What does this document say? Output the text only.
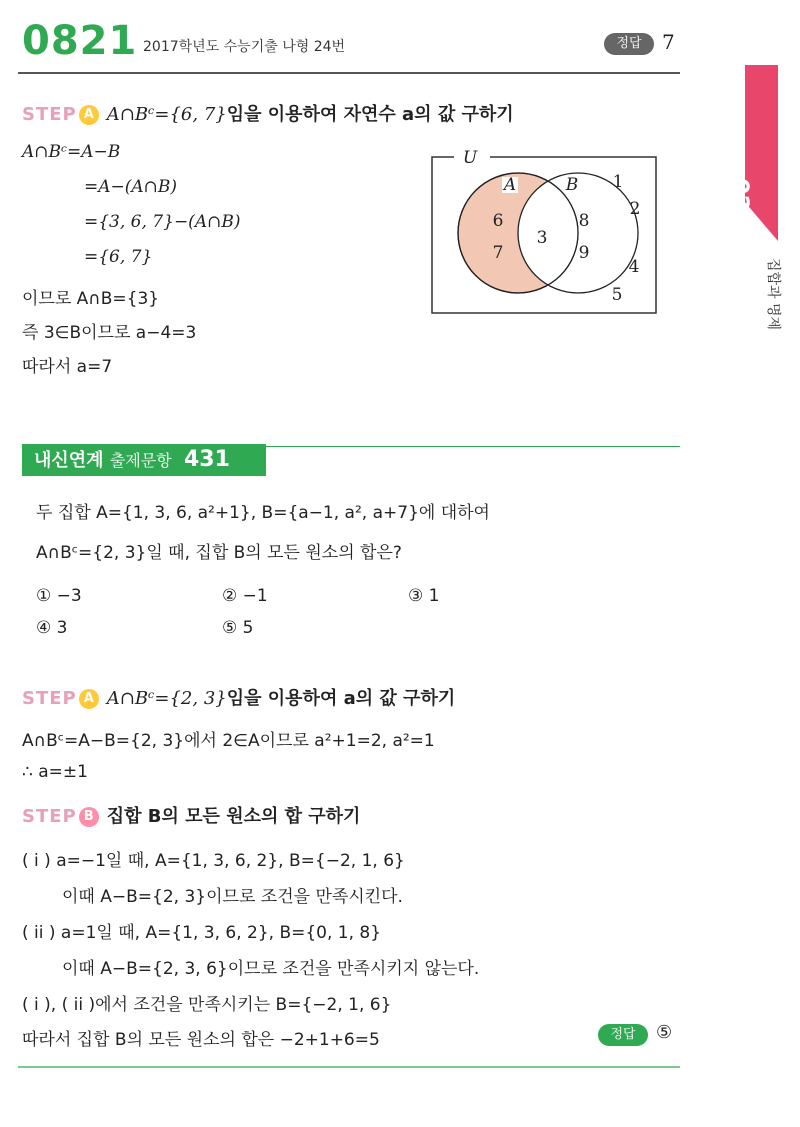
0821 2017학년도 수능기출 나형 24번	정답	7
02
집합과 명제
STEP A A∩Bᶜ={6, 7}임을 이용하여 자연수 a의 값 구하기
A∩Bᶜ=A−B
=A−(A∩B)
={3, 6, 7}−(A∩B)
={6, 7}
이므로 A∩B={3}
즉 3∈B이므로 a−4=3
따라서 a=7
U
A	B
6
7
3
8
9
1
2
4
5
내신연계 출제문항 431
두 집합 A={1, 3, 6, a²+1}, B={a−1, a², a+7}에 대하여
A∩Bᶜ={2, 3}일 때, 집합 B의 모든 원소의 합은?
① −3	② −1	③ 1
④ 3	⑤ 5
STEP A A∩Bᶜ={2, 3}임을 이용하여 a의 값 구하기
A∩Bᶜ=A−B={2, 3}에서 2∈A이므로 a²+1=2, a²=1
∴ a=±1
STEP B 집합 B의 모든 원소의 합 구하기
( i ) a=−1일 때, A={1, 3, 6, 2}, B={−2, 1, 6}
이때 A−B={2, 3}이므로 조건을 만족시킨다.
( ii ) a=1일 때, A={1, 3, 6, 2}, B={0, 1, 8}
이때 A−B={2, 3, 6}이므로 조건을 만족시키지 않는다.
( i ), ( ii )에서 조건을 만족시키는 B={−2, 1, 6}
따라서 집합 B의 모든 원소의 합은 −2+1+6=5	정답	⑤
